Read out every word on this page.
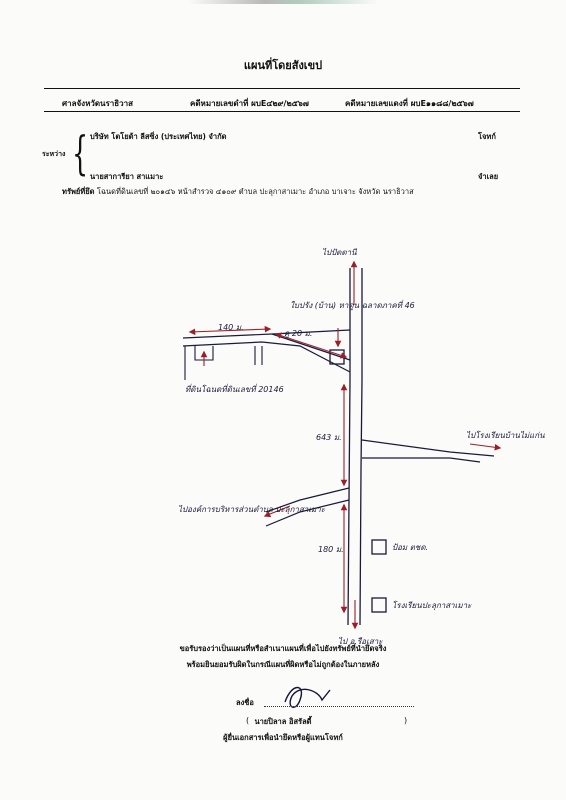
แผนที่โดยสังเขป
ศาลจังหวัดนราธิวาส	คดีหมายเลขดำที่ ผบE๔๒๙/๒๕๖๗	คดีหมายเลขแดงที่ ผบE๑๑๘๘/๒๕๖๗
ระหว่าง { บริษัท โตโยต้า ลีสซิ่ง (ประเทศไทย) จำกัด	โจทก์
นายสาการียา สาแมาะ	จำเลย
ทรัพย์ที่ยึด โฉนดที่ดินเลขที่ ๒๐๑๔๖ หน้าสำรวจ ๔๑๐๙ ตำบล ปะลุกาสาเมาะ อำเภอ บาเจาะ จังหวัด นราธิวาส
ไปปัตตานี
ไป อ.รือเสาะ
ไปโรงเรียนบ้านไม่แก่น
ไปองค์การบริหารส่วนตำบล ปะลุกาสาเมาะ
ที่ดินโฉนดที่ดินเลขที่ 20146
ใบปรัง (บ้าน) หาดูน ฉลาดภาคที่ 46
140 ม.
คู 20 ม.
643 ม.
180 ม.	ป้อม ตชด.
โรงเรียนปะลุกาสาเมาะ
ขอรับรองว่าเป็นแผนที่หรือสำเนาแผนที่เพื่อไปยังทรัพย์ที่นำยึดจริง
พร้อมยินยอมรับผิดในกรณีแผนที่ผิดหรือไม่ถูกต้องในภายหลัง
ลงชื่อ
( นายปิลาล อิสรัลดี้	)
ผู้ยื่นเอกสารเพื่อนำยึดหรือผู้แทนโจทก์
